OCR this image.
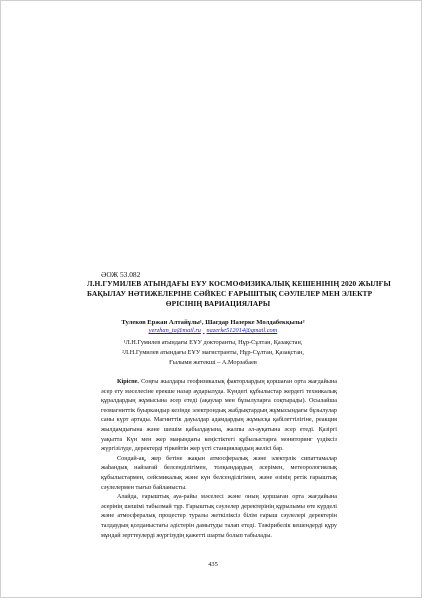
ӘОЖ 53.082
Л.Н.ГУМИЛЕВ АТЫНДАҒЫ ЕҰУ КОСМОФИЗИКАЛЫҚ КЕШЕНІНІҢ 2020 ЖЫЛҒЫ
БАҚЫЛАУ НӘТИЖЕЛЕРІНЕ СӘЙКЕС ҒАРЫШТЫҚ СӘУЛЕЛЕР МЕН ЭЛЕКТР
ӨРІСІНІҢ ВАРИАЦИЯЛАРЫ
Тулеков Ержан Алтайұлы¹, Шагдар Назерке Молдабекқызы²
yerzhan_ta@mail.ru nazerke512014@gmail.com
¹Л.Н.Гумилев атындағы ЕҰУ докторанты, Нұр-Сұлтан, Қазақстан,
²Л.Н.Гумилев атындағы ЕҰУ магистранты, Нұр-Сұлтан, Қазақстан,
Ғылыми жетекші – А.Морзабаев

Кіріспе. Соңғы жылдары геофизикалық факторлардың қоршаған орта жағдайына әсер ету мәселесіне ерекше назар аударылуда. Күндегі құбылыстар жердегі техникалық құралдардың жұмысына әсер етеді (ақаулар мен бұзылуларға соқтырады). Осылайша геомагниттік буыркандыр кезінде электрондық жабдықтардың жұмысындағы бұзылулар саны күрт артады. Магниттік дауылдар адамдардың жұмысқа қабілеттілігіне, реакция жылдамдығына және шешім қабылдауына, жалпы әл-ауқатына әсер етеді. Қазіргі уақытта Күн мен жер маңындағы кеңістіктегі құбылыстарға мониторинг үздіксіз жүргізілуде, деректерді тіркейтін жер үсті станциялардың желісі бар.

Сондай-ақ, жер бетіне жақын атмосфералық және электрлік сипаттамалар жаһандық найзағай белсенділігімен, толқындардың әсерімен, метеорологиялық құбылыстармен, сейсмикалық және күн белсенділігімен, және өзінің ретік ғарыштық сәулелермен тығыз байланысты.

Алайда, ғарыштық ауа-райы мәселесі және оның қоршаған орта жағдайына әсерінің шешімі табылмай тұр. Ғарыштық сәулелер деректерінің құрылымы өте күрделі және атмосфералық процестер туралы жеткіліксіз білім ғарыш сәулелері деректерін талдаудың қолданыстағы әдістерін дамытуды талап етеді. Тәжірибелік кешендерді құру мұндай зерттеулерді жүргізудің қажетті шарты болып табылады.

435
